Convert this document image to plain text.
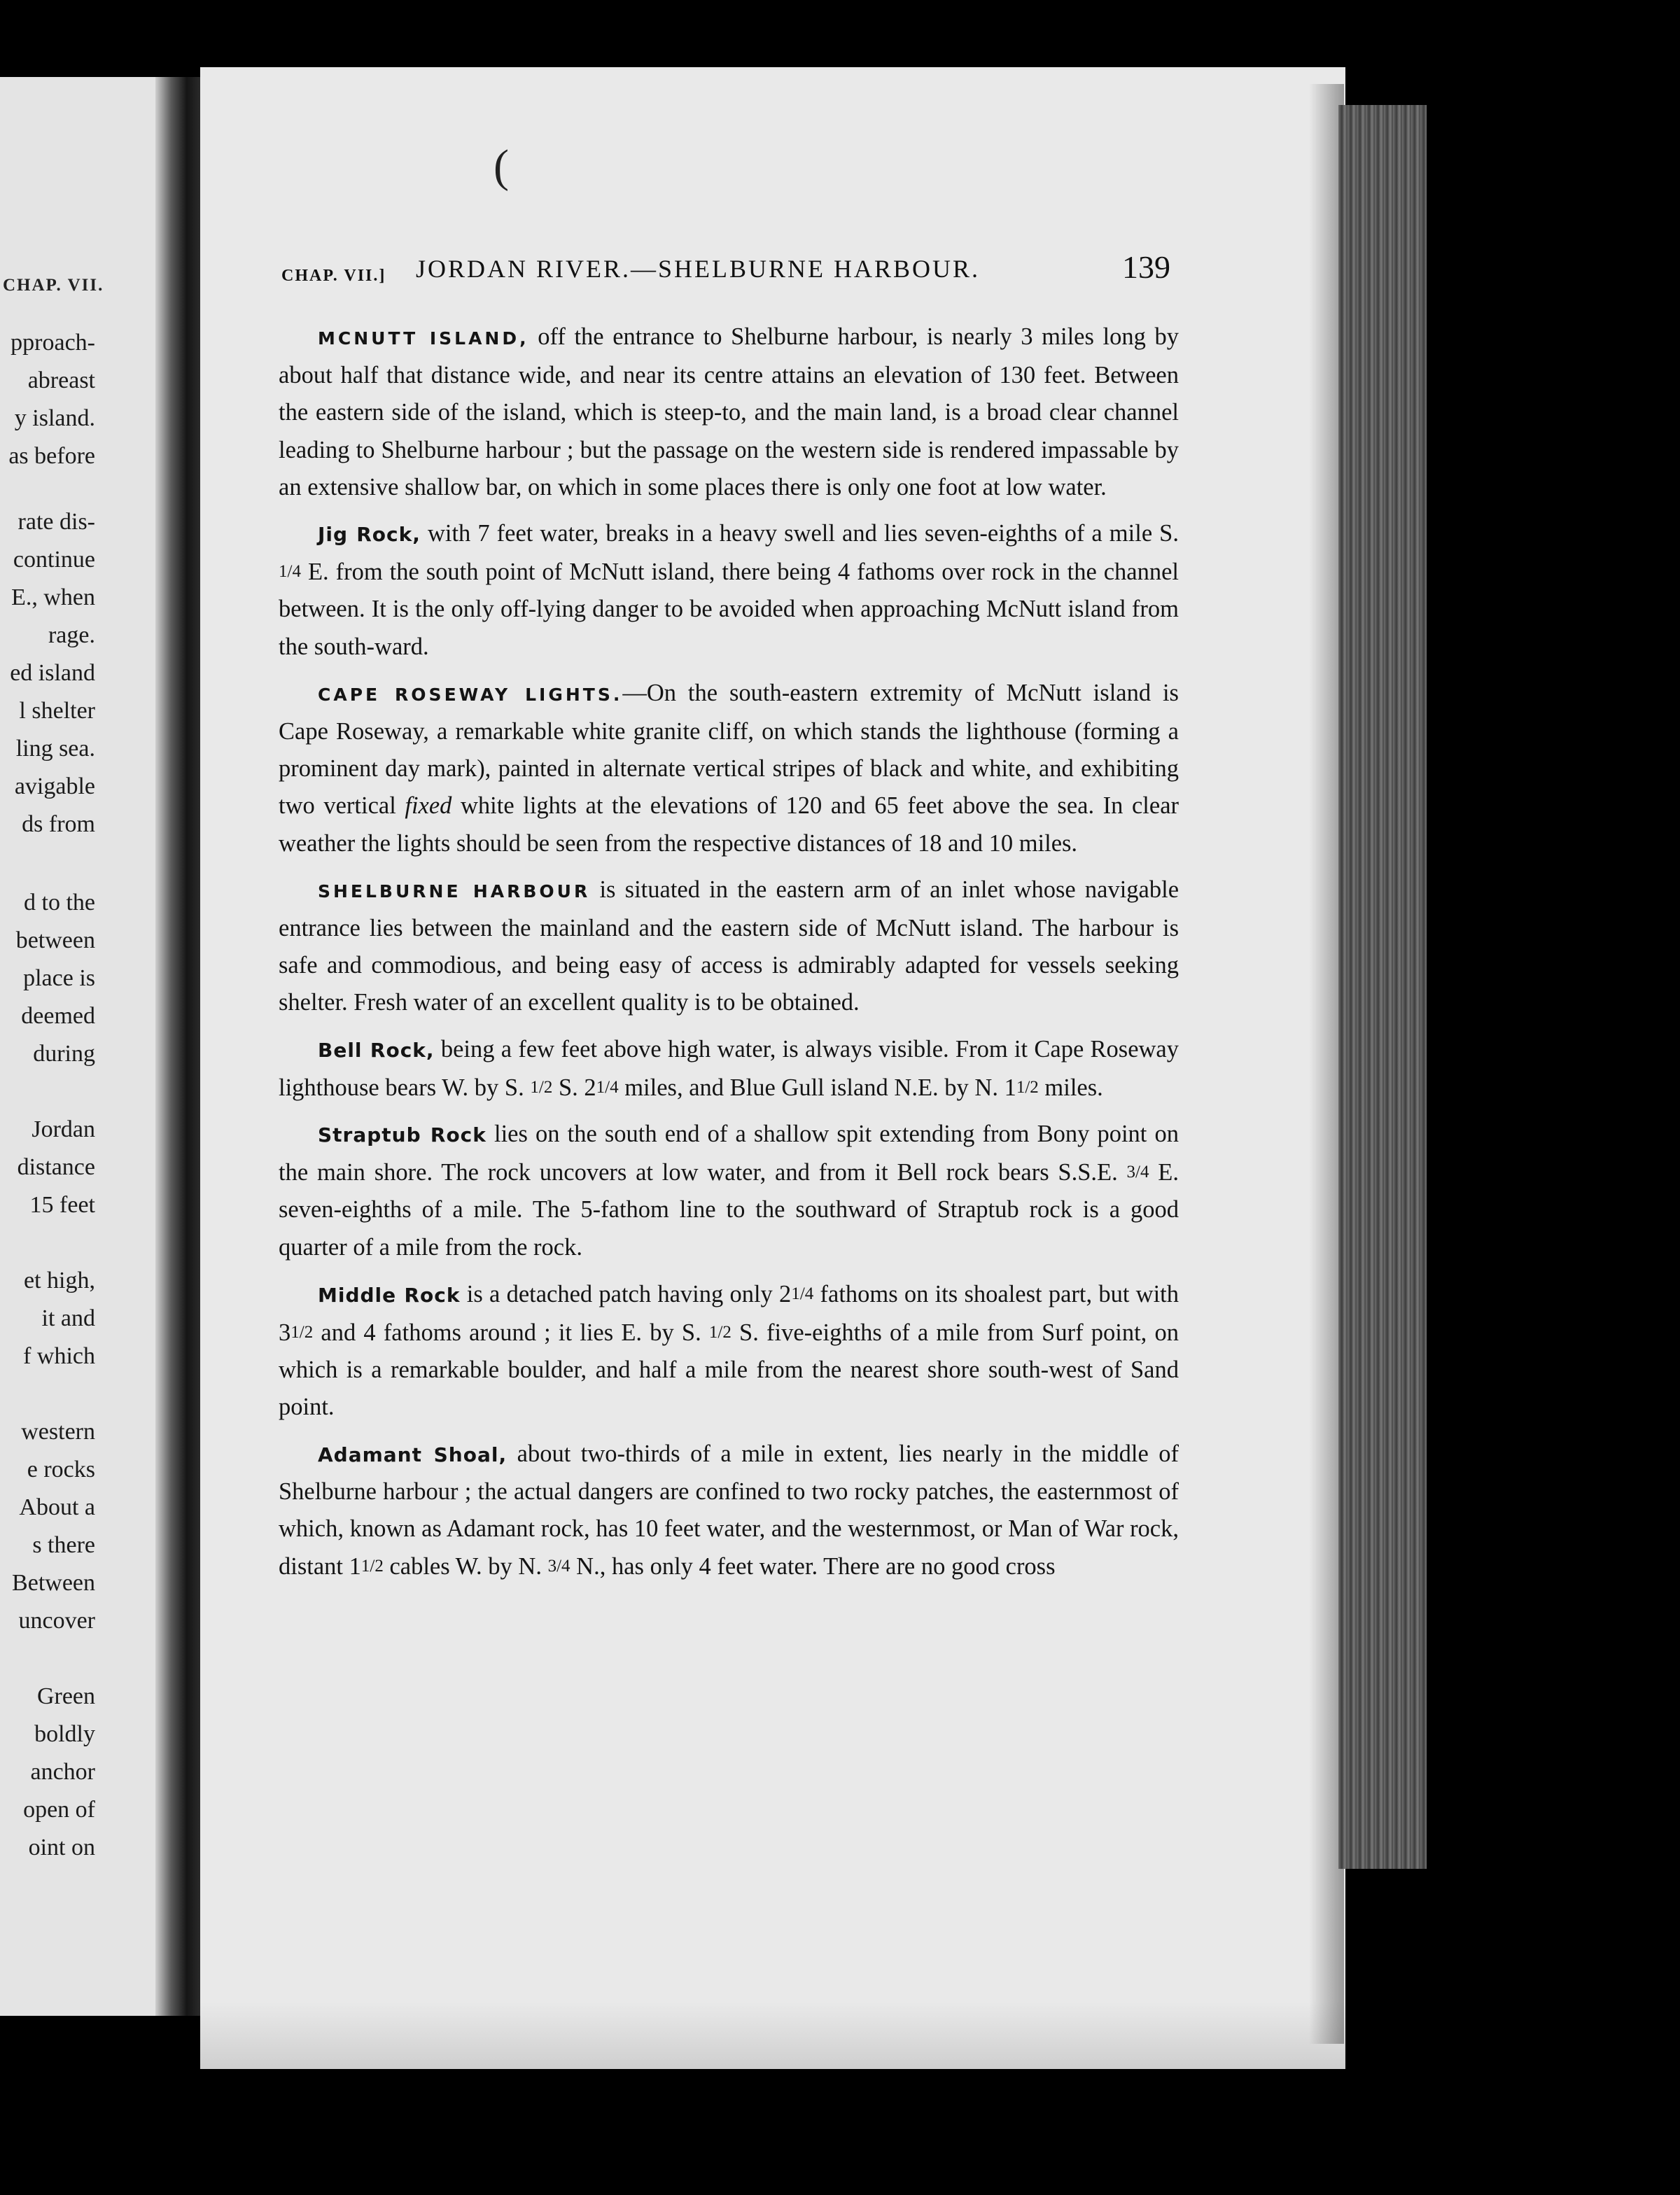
CHAP. VII.
pproach-
abreast
y island.
as before
rate dis-
continue
E., when
rage.
ed island
l shelter
ling sea.
avigable
ds from
d to the
between
place is
deemed
during
Jordan
distance
15 feet
et high,
it and
f which
western
e rocks
About a
s there
Between
uncover
Green
boldly
anchor
open of
oint on
(
CHAP. VII.] JORDAN RIVER.—SHELBURNE HARBOUR.	139

MCNUTT ISLAND, off the entrance to Shelburne harbour, is nearly 3 miles long by about half that distance wide, and near its centre attains an elevation of 130 feet. Between the eastern side of the island, which is steep-to, and the main land, is a broad clear channel leading to Shelburne harbour ; but the passage on the western side is rendered impassable by an extensive shallow bar, on which in some places there is only one foot at low water.

Jig Rock, with 7 feet water, breaks in a heavy swell and lies seven-eighths of a mile S. 1/4 E. from the south point of McNutt island, there being 4 fathoms over rock in the channel between. It is the only off-lying danger to be avoided when approaching McNutt island from the south-ward.

CAPE ROSEWAY LIGHTS.—On the south-eastern extremity of McNutt island is Cape Roseway, a remarkable white granite cliff, on which stands the lighthouse (forming a prominent day mark), painted in alternate vertical stripes of black and white, and exhibiting two vertical fixed white lights at the elevations of 120 and 65 feet above the sea. In clear weather the lights should be seen from the respective distances of 18 and 10 miles.

SHELBURNE HARBOUR is situated in the eastern arm of an inlet whose navigable entrance lies between the mainland and the eastern side of McNutt island. The harbour is safe and commodious, and being easy of access is admirably adapted for vessels seeking shelter. Fresh water of an excellent quality is to be obtained.

Bell Rock, being a few feet above high water, is always visible. From it Cape Roseway lighthouse bears W. by S. 1/2 S. 21/4 miles, and Blue Gull island N.E. by N. 11/2 miles.

Straptub Rock lies on the south end of a shallow spit extending from Bony point on the main shore. The rock uncovers at low water, and from it Bell rock bears S.S.E. 3/4 E. seven-eighths of a mile. The 5-fathom line to the southward of Straptub rock is a good quarter of a mile from the rock.

Middle Rock is a detached patch having only 21/4 fathoms on its shoalest part, but with 31/2 and 4 fathoms around ; it lies E. by S. 1/2 S. five-eighths of a mile from Surf point, on which is a remarkable boulder, and half a mile from the nearest shore south-west of Sand point.

Adamant Shoal, about two-thirds of a mile in extent, lies nearly in the middle of Shelburne harbour ; the actual dangers are confined to two rocky patches, the easternmost of which, known as Adamant rock, has 10 feet water, and the westernmost, or Man of War rock, distant 11/2 cables W. by N. 3/4 N., has only 4 feet water. There are no good cross
